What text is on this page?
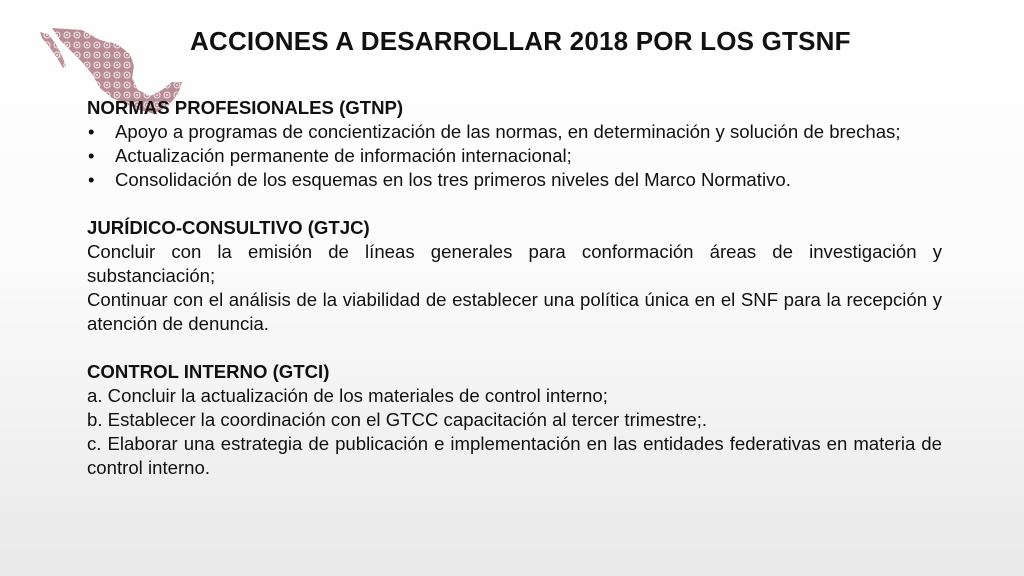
ACCIONES A DESARROLLAR 2018 POR LOS GTSNF

NORMAS PROFESIONALES (GTNP)

• Apoyo a programas de concientización de las normas, en determinación y solución de brechas;
• Actualización permanente de información internacional;
• Consolidación de los esquemas en los tres primeros niveles del Marco Normativo.

JURÍDICO-CONSULTIVO (GTJC)

Concluir con la emisión de líneas generales para conformación áreas de investigación y substanciación;

Continuar con el análisis de la viabilidad de establecer una política única en el SNF para la recepción y atención de denuncia.

CONTROL INTERNO (GTCI)

a. Concluir la actualización de los materiales de control interno;

b. Establecer la coordinación con el GTCC capacitación al tercer trimestre;.

c. Elaborar una estrategia de publicación e implementación en las entidades federativas en materia de control interno.
